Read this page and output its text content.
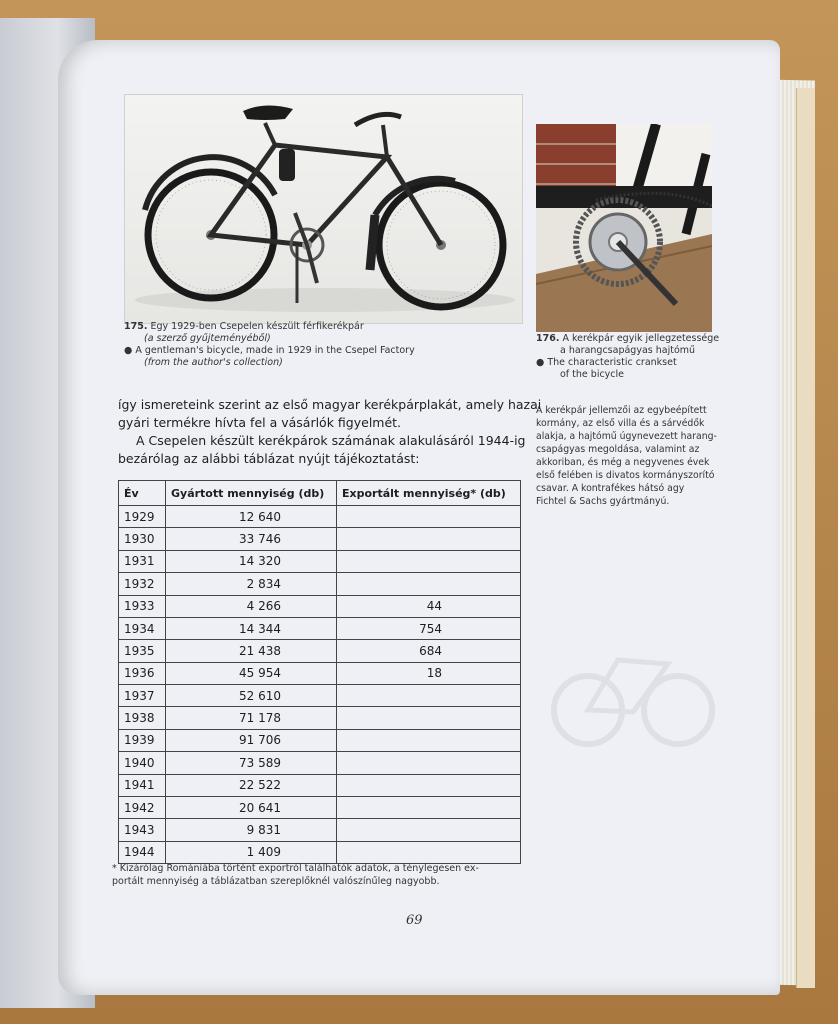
175. Egy 1929-ben Csepelen készült férfikerékpár
(a szerző gyűjteményéből)
● A gentleman's bicycle, made in 1929 in the Csepel Factory
(from the author's collection)
176. A kerékpár egyik jellegzetessége
a harangcsapágyas hajtómű
● The characteristic crankset
of the bicycle
így ismereteink szerint az első magyar kerékpárplakát, amely hazai
gyári termékre hívta fel a vásárlók figyelmét.
A Csepelen készült kerékpárok számának alakulásáról 1944-ig
bezárólag az alábbi táblázat nyújt tájékoztatást:
A kerékpár jellemzői az egybeépített
kormány, az első villa és a sárvédők
alakja, a hajtómű úgynevezett harang-
csapágyas megoldása, valamint az
akkoriban, és még a negyvenes évek
első felében is divatos kormányszorító
csavar. A kontrafékes hátsó agy
Fichtel & Sachs gyártmányú.
Év	Gyártott mennyiség (db)	Exportált mennyiség* (db)
1929	12 640	
1930	33 746	
1931	14 320	
1932	2 834	
1933	4 266	44
1934	14 344	754
1935	21 438	684
1936	45 954	18
1937	52 610	
1938	71 178	
1939	91 706	
1940	73 589	
1941	22 522	
1942	20 641	
1943	9 831	
1944	1 409	
* Kizárólag Romániába történt exportról találhatók adatok, a ténylegesen ex-
portált mennyiség a táblázatban szereplőknél valószínűleg nagyobb.
69
